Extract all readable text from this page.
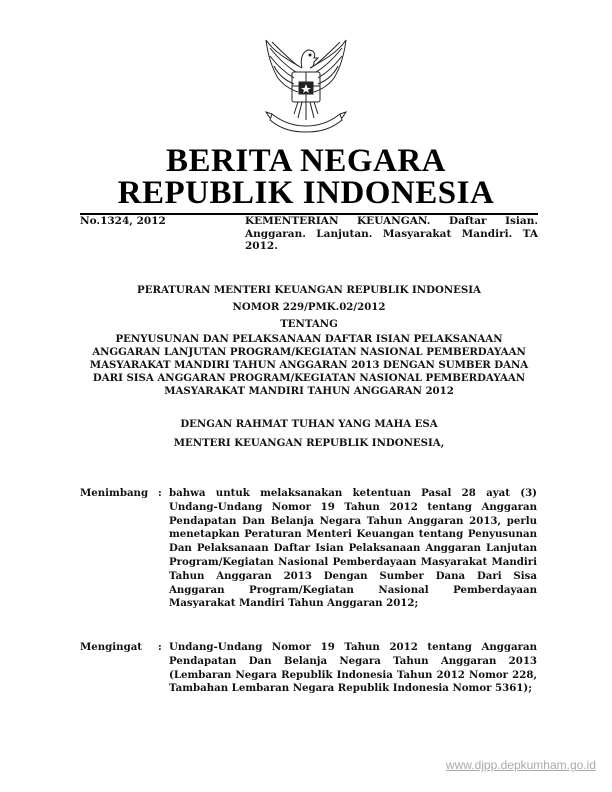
BERITA NEGARA
REPUBLIK INDONESIA
No.1324, 2012	KEMENTERIAN KEUANGAN. Daftar Isian. Anggaran. Lanjutan. Masyarakat Mandiri. TA 2012.
PERATURAN MENTERI KEUANGAN REPUBLIK INDONESIA
NOMOR 229/PMK.02/2012
TENTANG
PENYUSUNAN DAN PELAKSANAAN DAFTAR ISIAN PELAKSANAAN
ANGGARAN LANJUTAN PROGRAM/KEGIATAN NASIONAL PEMBERDAYAAN
MASYARAKAT MANDIRI TAHUN ANGGARAN 2013 DENGAN SUMBER DANA
DARI SISA ANGGARAN PROGRAM/KEGIATAN NASIONAL PEMBERDAYAAN
MASYARAKAT MANDIRI TAHUN ANGGARAN 2012
DENGAN RAHMAT TUHAN YANG MAHA ESA
MENTERI KEUANGAN REPUBLIK INDONESIA,
Menimbang : bahwa untuk melaksanakan ketentuan Pasal 28 ayat (3) Undang-Undang Nomor 19 Tahun 2012 tentang Anggaran Pendapatan Dan Belanja Negara Tahun Anggaran 2013, perlu menetapkan Peraturan Menteri Keuangan tentang Penyusunan Dan Pelaksanaan Daftar Isian Pelaksanaan Anggaran Lanjutan Program/Kegiatan Nasional Pemberdayaan Masyarakat Mandiri Tahun Anggaran 2013 Dengan Sumber Dana Dari Sisa Anggaran Program/Kegiatan Nasional Pemberdayaan Masyarakat Mandiri Tahun Anggaran 2012;
Mengingat : Undang-Undang Nomor 19 Tahun 2012 tentang Anggaran Pendapatan Dan Belanja Negara Tahun Anggaran 2013 (Lembaran Negara Republik Indonesia Tahun 2012 Nomor 228, Tambahan Lembaran Negara Republik Indonesia Nomor 5361);
www.djpp.depkumham.go.id
